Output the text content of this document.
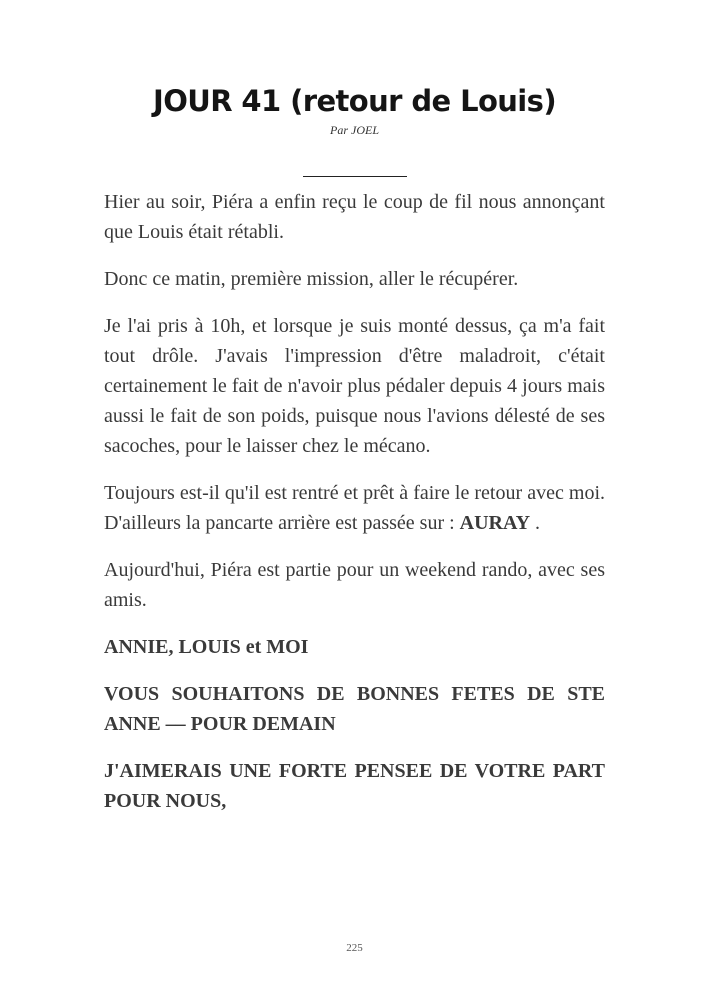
JOUR 41 (retour de Louis)
Par JOEL

Hier au soir, Piéra a enfin reçu le coup de fil nous annonçant que Louis était rétabli.

Donc ce matin, première mission, aller le récupérer.

Je l'ai pris à 10h, et lorsque je suis monté dessus, ça m'a fait tout drôle. J'avais l'impression d'être maladroit, c'était certainement le fait de n'avoir plus pédaler depuis 4 jours mais aussi le fait de son poids, puisque nous l'avions délesté de ses sacoches, pour le laisser chez le mécano.

Toujours est-il qu'il est rentré et prêt à faire le retour avec moi. D'ailleurs la pancarte arrière est passée sur : AURAY .

Aujourd'hui, Piéra est partie pour un weekend rando, avec ses amis.

ANNIE, LOUIS et MOI

VOUS SOUHAITONS DE BONNES FETES DE STE ANNE –– POUR DEMAIN

J'AIMERAIS UNE FORTE PENSEE DE VOTRE PART POUR NOUS,

225
